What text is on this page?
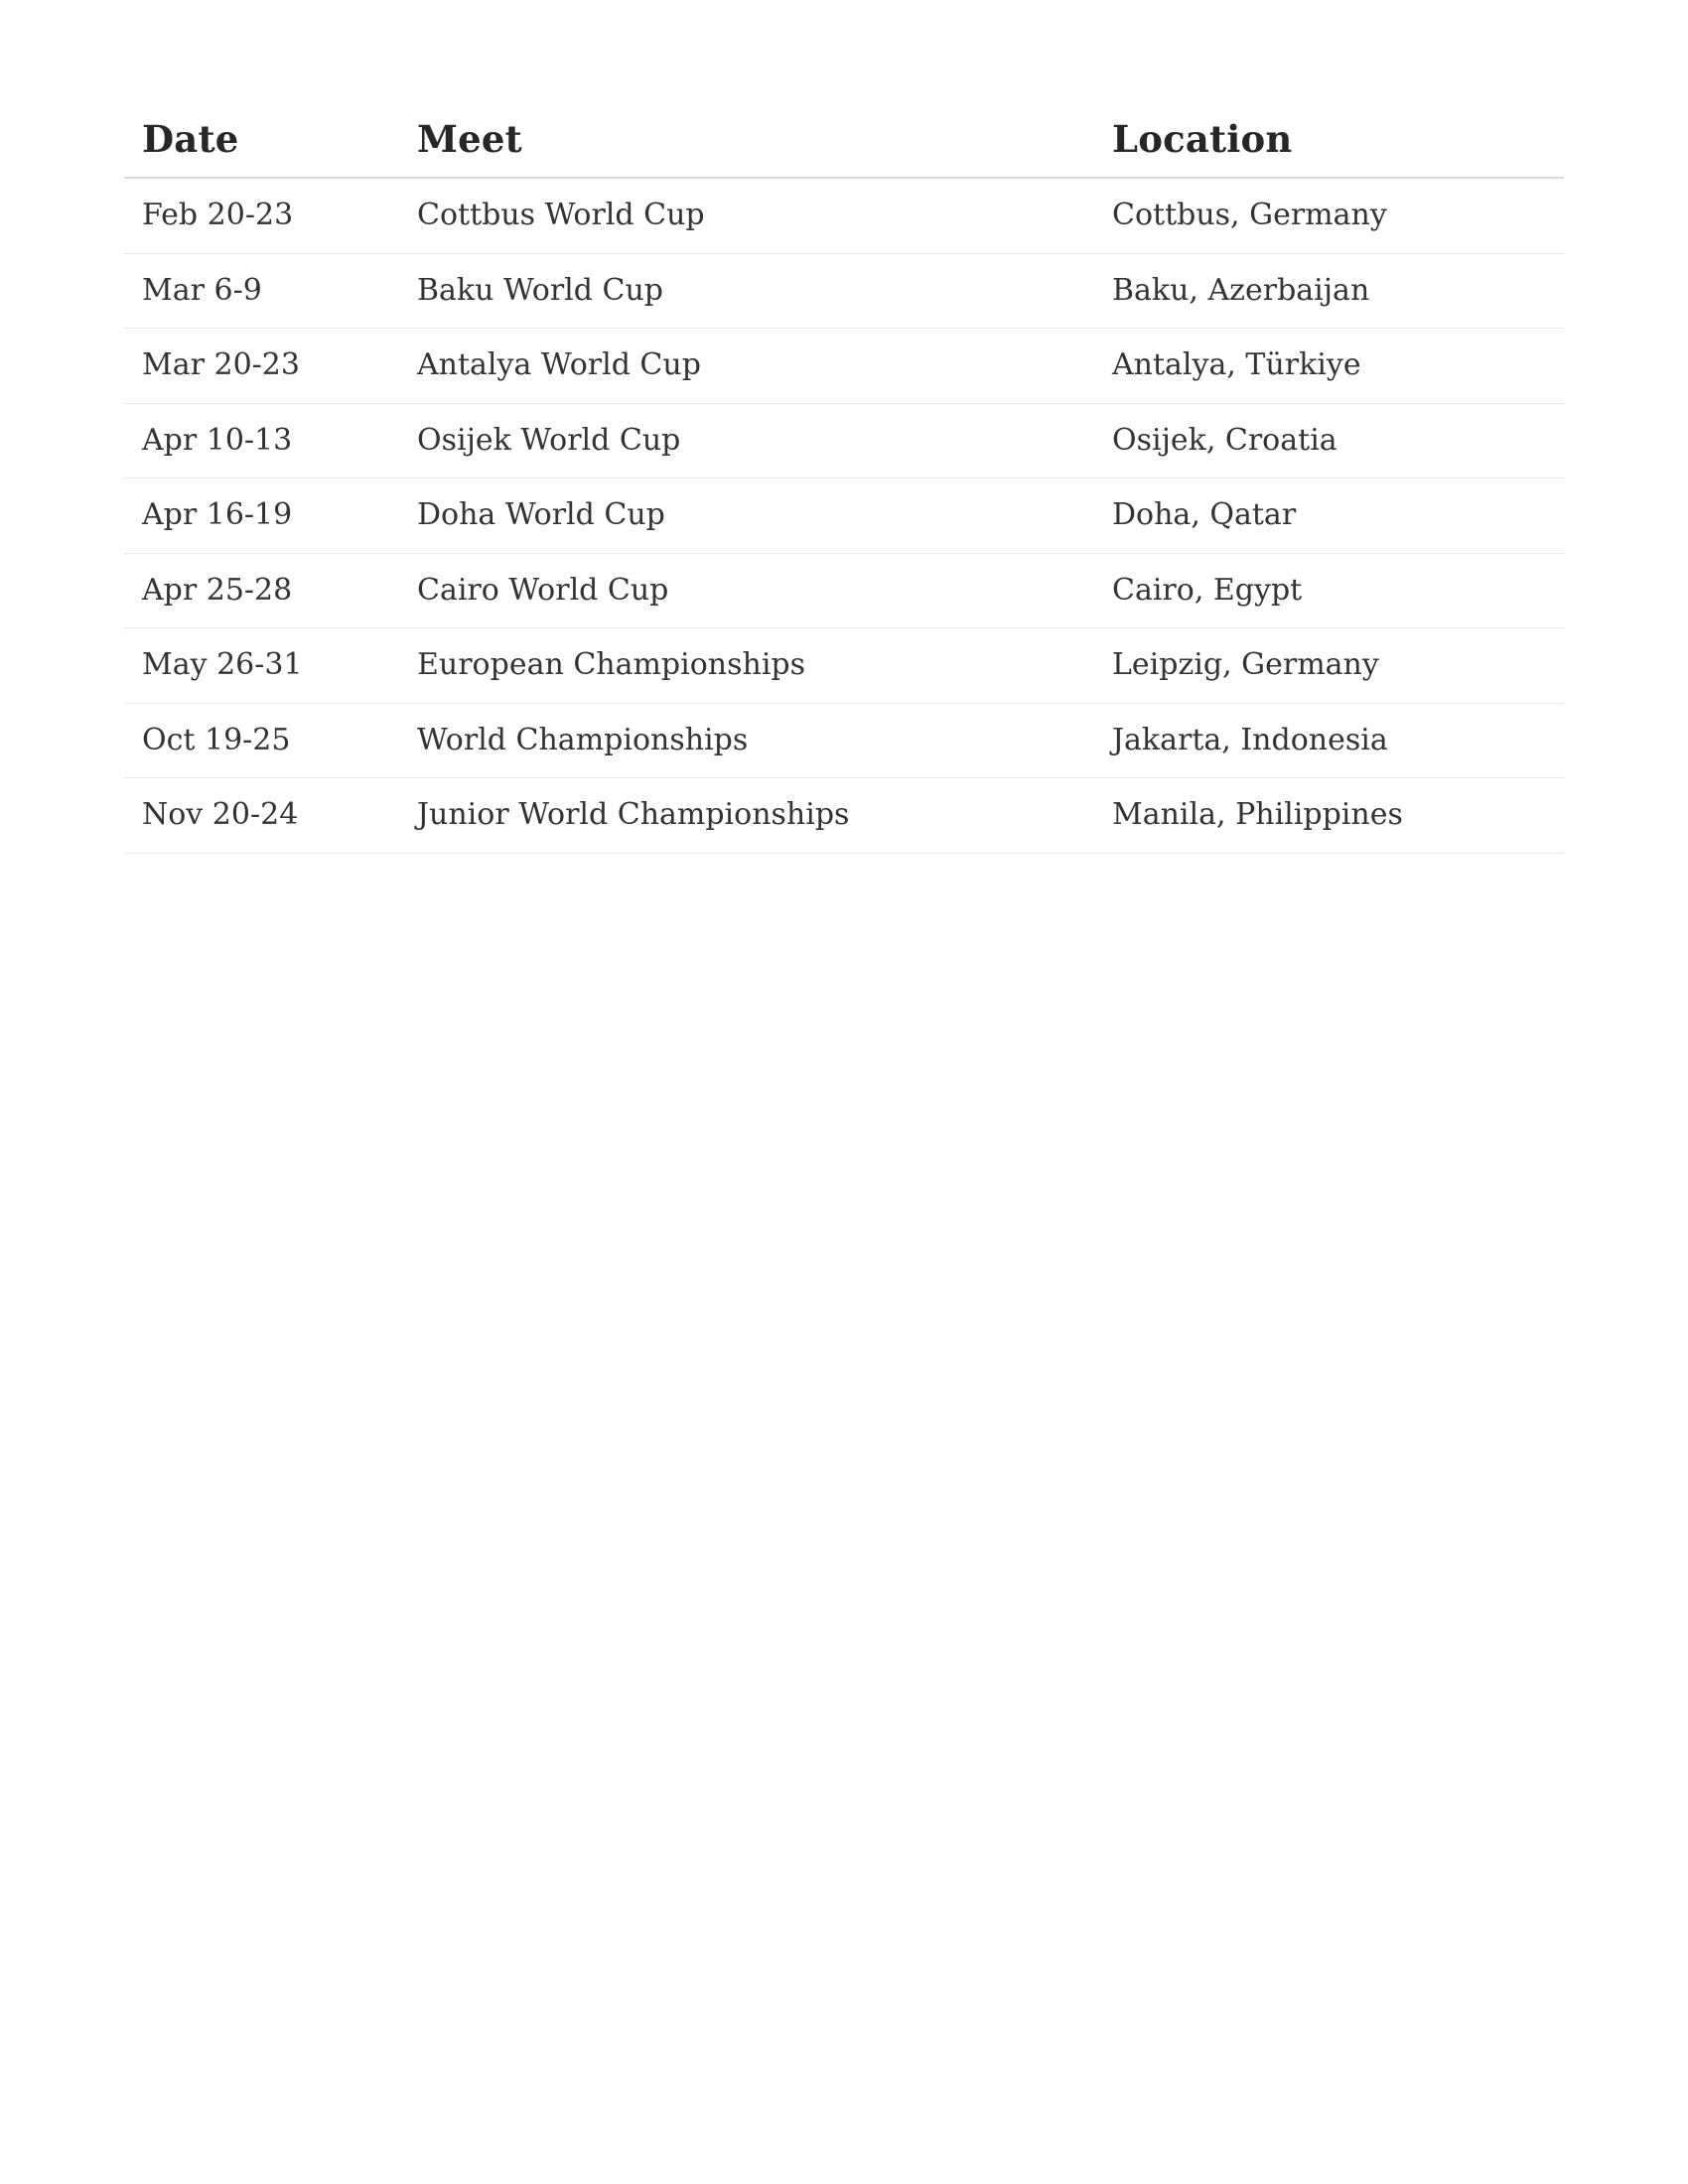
Date	Meet	Location
Feb 20-23	Cottbus World Cup	Cottbus, Germany
Mar 6-9	Baku World Cup	Baku, Azerbaijan
Mar 20-23	Antalya World Cup	Antalya, Türkiye
Apr 10-13	Osijek World Cup	Osijek, Croatia
Apr 16-19	Doha World Cup	Doha, Qatar
Apr 25-28	Cairo World Cup	Cairo, Egypt
May 26-31	European Championships	Leipzig, Germany
Oct 19-25	World Championships	Jakarta, Indonesia
Nov 20-24	Junior World Championships	Manila, Philippines
